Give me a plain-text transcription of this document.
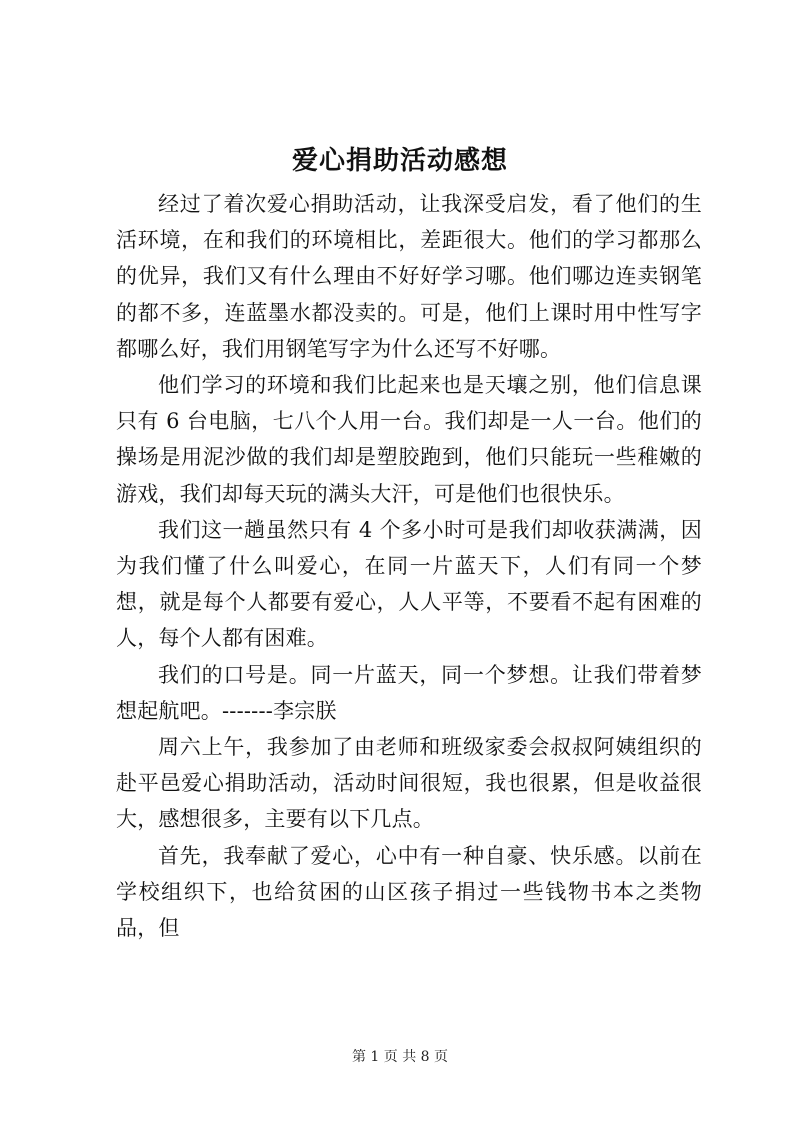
爱心捐助活动感想

经过了着次爱心捐助活动，让我深受启发，看了他们的生活环境，在和我们的环境相比，差距很大。他们的学习都那么的优异，我们又有什么理由不好好学习哪。他们哪边连卖钢笔的都不多，连蓝墨水都没卖的。可是，他们上课时用中性写字都哪么好，我们用钢笔写字为什么还写不好哪。

他们学习的环境和我们比起来也是天壤之别，他们信息课只有 6 台电脑，七八个人用一台。我们却是一人一台。他们的操场是用泥沙做的我们却是塑胶跑到，他们只能玩一些稚嫩的游戏，我们却每天玩的满头大汗，可是他们也很快乐。

我们这一趟虽然只有 4 个多小时可是我们却收获满满，因为我们懂了什么叫爱心，在同一片蓝天下，人们有同一个梦想，就是每个人都要有爱心，人人平等，不要看不起有困难的人，每个人都有困难。

我们的口号是。同一片蓝天，同一个梦想。让我们带着梦想起航吧。-------李宗朕

周六上午，我参加了由老师和班级家委会叔叔阿姨组织的赴平邑爱心捐助活动，活动时间很短，我也很累，但是收益很大，感想很多，主要有以下几点。

首先，我奉献了爱心，心中有一种自豪、快乐感。以前在学校组织下，也给贫困的山区孩子捐过一些钱物书本之类物品，但

第 1 页 共 8 页
